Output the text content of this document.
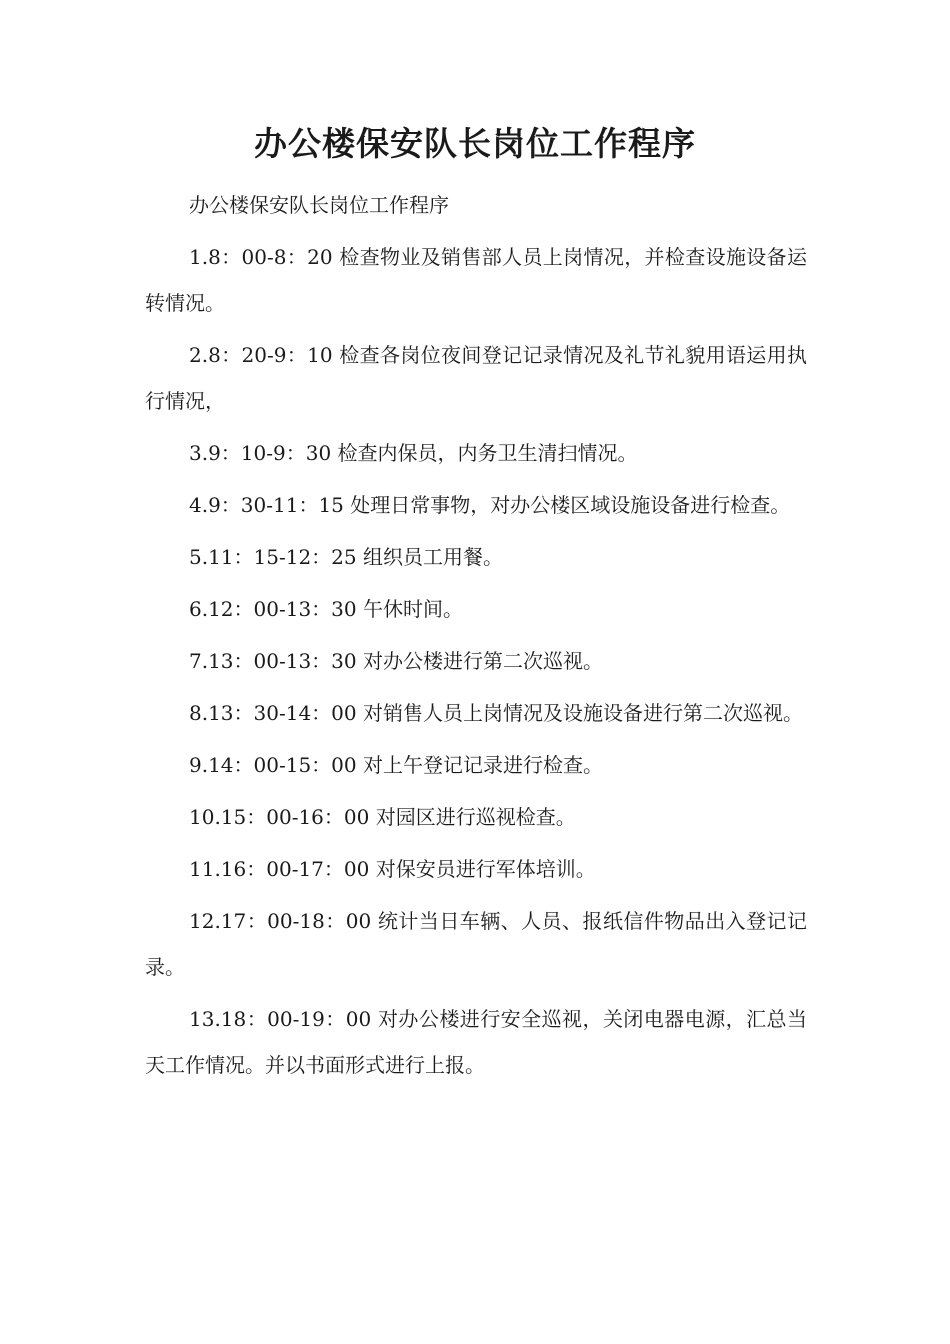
办公楼保安队长岗位工作程序

办公楼保安队长岗位工作程序

1.8：00-8：20 检查物业及销售部人员上岗情况，并检查设施设备运转情况。

2.8：20-9：10 检查各岗位夜间登记记录情况及礼节礼貌用语运用执行情况，

3.9：10-9：30 检查内保员，内务卫生清扫情况。

4.9：30-11：15 处理日常事物，对办公楼区域设施设备进行检查。

5.11：15-12：25 组织员工用餐。

6.12：00-13：30 午休时间。

7.13：00-13：30 对办公楼进行第二次巡视。

8.13：30-14：00 对销售人员上岗情况及设施设备进行第二次巡视。

9.14：00-15：00 对上午登记记录进行检查。

10.15：00-16：00 对园区进行巡视检查。

11.16：00-17：00 对保安员进行军体培训。

12.17：00-18：00 统计当日车辆、人员、报纸信件物品出入登记记录。

13.18：00-19：00 对办公楼进行安全巡视，关闭电器电源，汇总当天工作情况。并以书面形式进行上报。
